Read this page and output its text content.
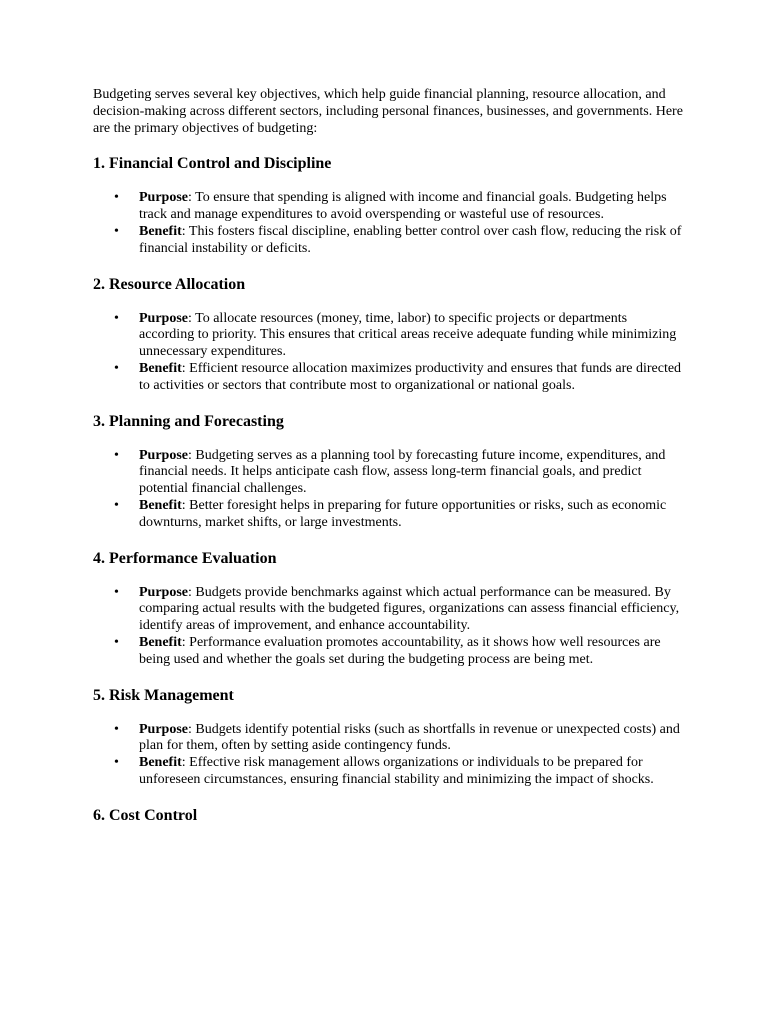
Budgeting serves several key objectives, which help guide financial planning, resource allocation, and decision-making across different sectors, including personal finances, businesses, and governments. Here are the primary objectives of budgeting:

1. Financial Control and Discipline
• Purpose: To ensure that spending is aligned with income and financial goals. Budgeting helps track and manage expenditures to avoid overspending or wasteful use of resources.
• Benefit: This fosters fiscal discipline, enabling better control over cash flow, reducing the risk of financial instability or deficits.
2. Resource Allocation
• Purpose: To allocate resources (money, time, labor) to specific projects or departments according to priority. This ensures that critical areas receive adequate funding while minimizing unnecessary expenditures.
• Benefit: Efficient resource allocation maximizes productivity and ensures that funds are directed to activities or sectors that contribute most to organizational or national goals.
3. Planning and Forecasting
• Purpose: Budgeting serves as a planning tool by forecasting future income, expenditures, and financial needs. It helps anticipate cash flow, assess long-term financial goals, and predict potential financial challenges.
• Benefit: Better foresight helps in preparing for future opportunities or risks, such as economic downturns, market shifts, or large investments.
4. Performance Evaluation
• Purpose: Budgets provide benchmarks against which actual performance can be measured. By comparing actual results with the budgeted figures, organizations can assess financial efficiency, identify areas of improvement, and enhance accountability.
• Benefit: Performance evaluation promotes accountability, as it shows how well resources are being used and whether the goals set during the budgeting process are being met.
5. Risk Management
• Purpose: Budgets identify potential risks (such as shortfalls in revenue or unexpected costs) and plan for them, often by setting aside contingency funds.
• Benefit: Effective risk management allows organizations or individuals to be prepared for unforeseen circumstances, ensuring financial stability and minimizing the impact of shocks.
6. Cost Control
